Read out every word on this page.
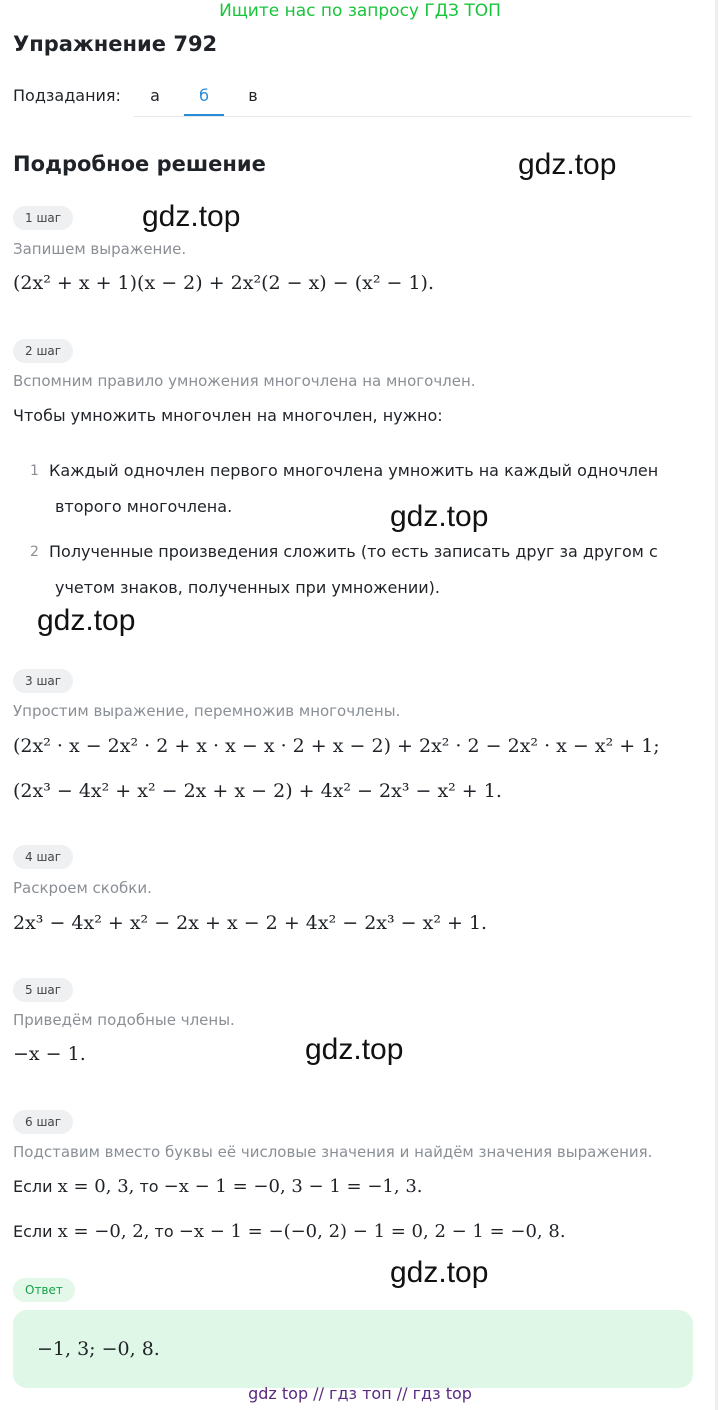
Ищите нас по запросу ГДЗ ТОП
Упражнение 792
Подзадания:	а	б	в
Подробное решение	gdz.top
gdz.top
gdz.top
gdz.top
gdz.top
gdz.top
1 шаг
Запишем выражение.
(2x² + x + 1)(x − 2) + 2x²(2 − x) − (x² − 1).
2 шаг
Вспомним правило умножения многочлена на многочлен.
Чтобы умножить многочлен на многочлен, нужно:
1 Каждый одночлен первого многочлена умножить на каждый одночлен
второго многочлена.
2 Полученные произведения сложить (то есть записать друг за другом с
учетом знаков, полученных при умножении).
3 шаг
Упростим выражение, перемножив многочлены.
(2x² · x − 2x² · 2 + x · x − x · 2 + x − 2) + 2x² · 2 − 2x² · x − x² + 1;
(2x³ − 4x² + x² − 2x + x − 2) + 4x² − 2x³ − x² + 1.
4 шаг
Раскроем скобки.
2x³ − 4x² + x² − 2x + x − 2 + 4x² − 2x³ − x² + 1.
5 шаг
Приведём подобные члены.
−x − 1.
6 шаг
Подставим вместо буквы её числовые значения и найдём значения выражения.
Если x = 0, 3, то −x − 1 = −0, 3 − 1 = −1, 3.
Если x = −0, 2, то −x − 1 = −(−0, 2) − 1 = 0, 2 − 1 = −0, 8.
Ответ
−1, 3; −0, 8.
gdz top // гдз топ // гдз top
